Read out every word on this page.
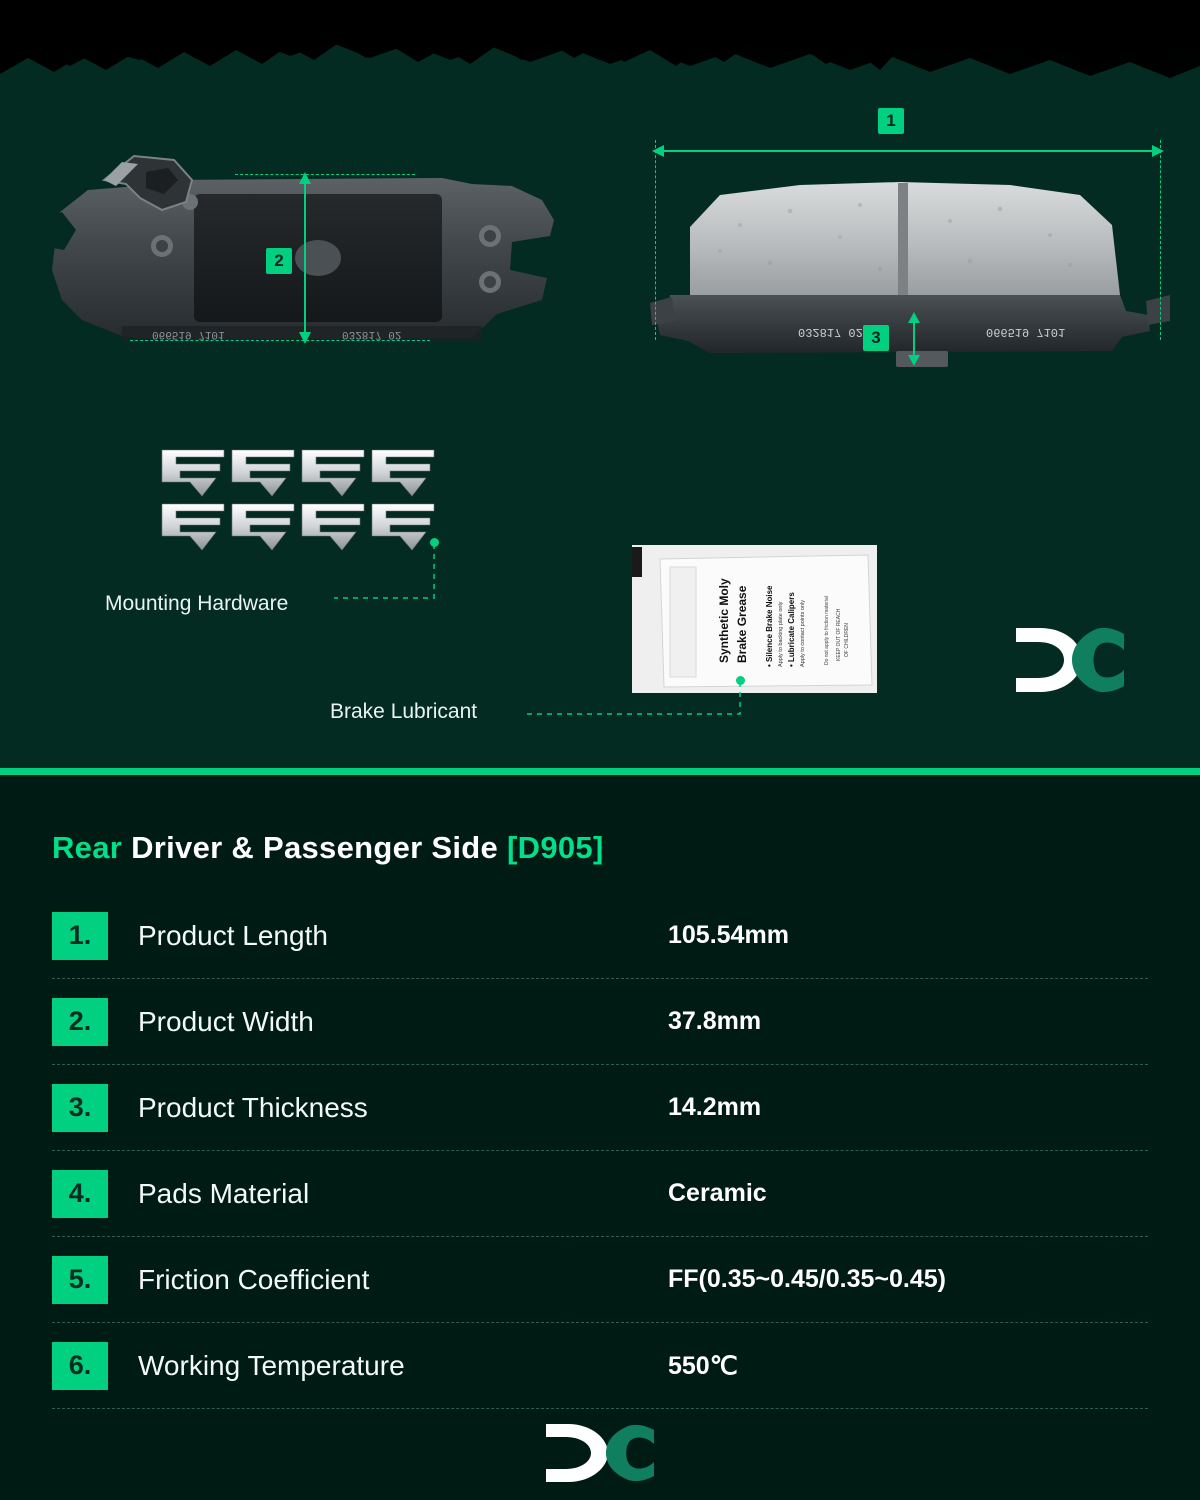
066519 7101	032817 02
2
032817 02	066519 7101
1
3
Mounting Hardware	Synthetic Moly Brake Grease • Silence Brake Noise Apply to backing plate only • Lubricate Calipers Apply to contact points only	Do not apply to friction material KEEP OUT OF REACH OF CHILDREN
Brake Lubricant
Rear Driver & Passenger Side [D905]
1.	Product Length	105.54mm
2.	Product Width	37.8mm
3.	Product Thickness	14.2mm
4.	Pads Material	Ceramic
5.	Friction Coefficient	FF(0.35~0.45/0.35~0.45)
6.	Working Temperature	550℃
